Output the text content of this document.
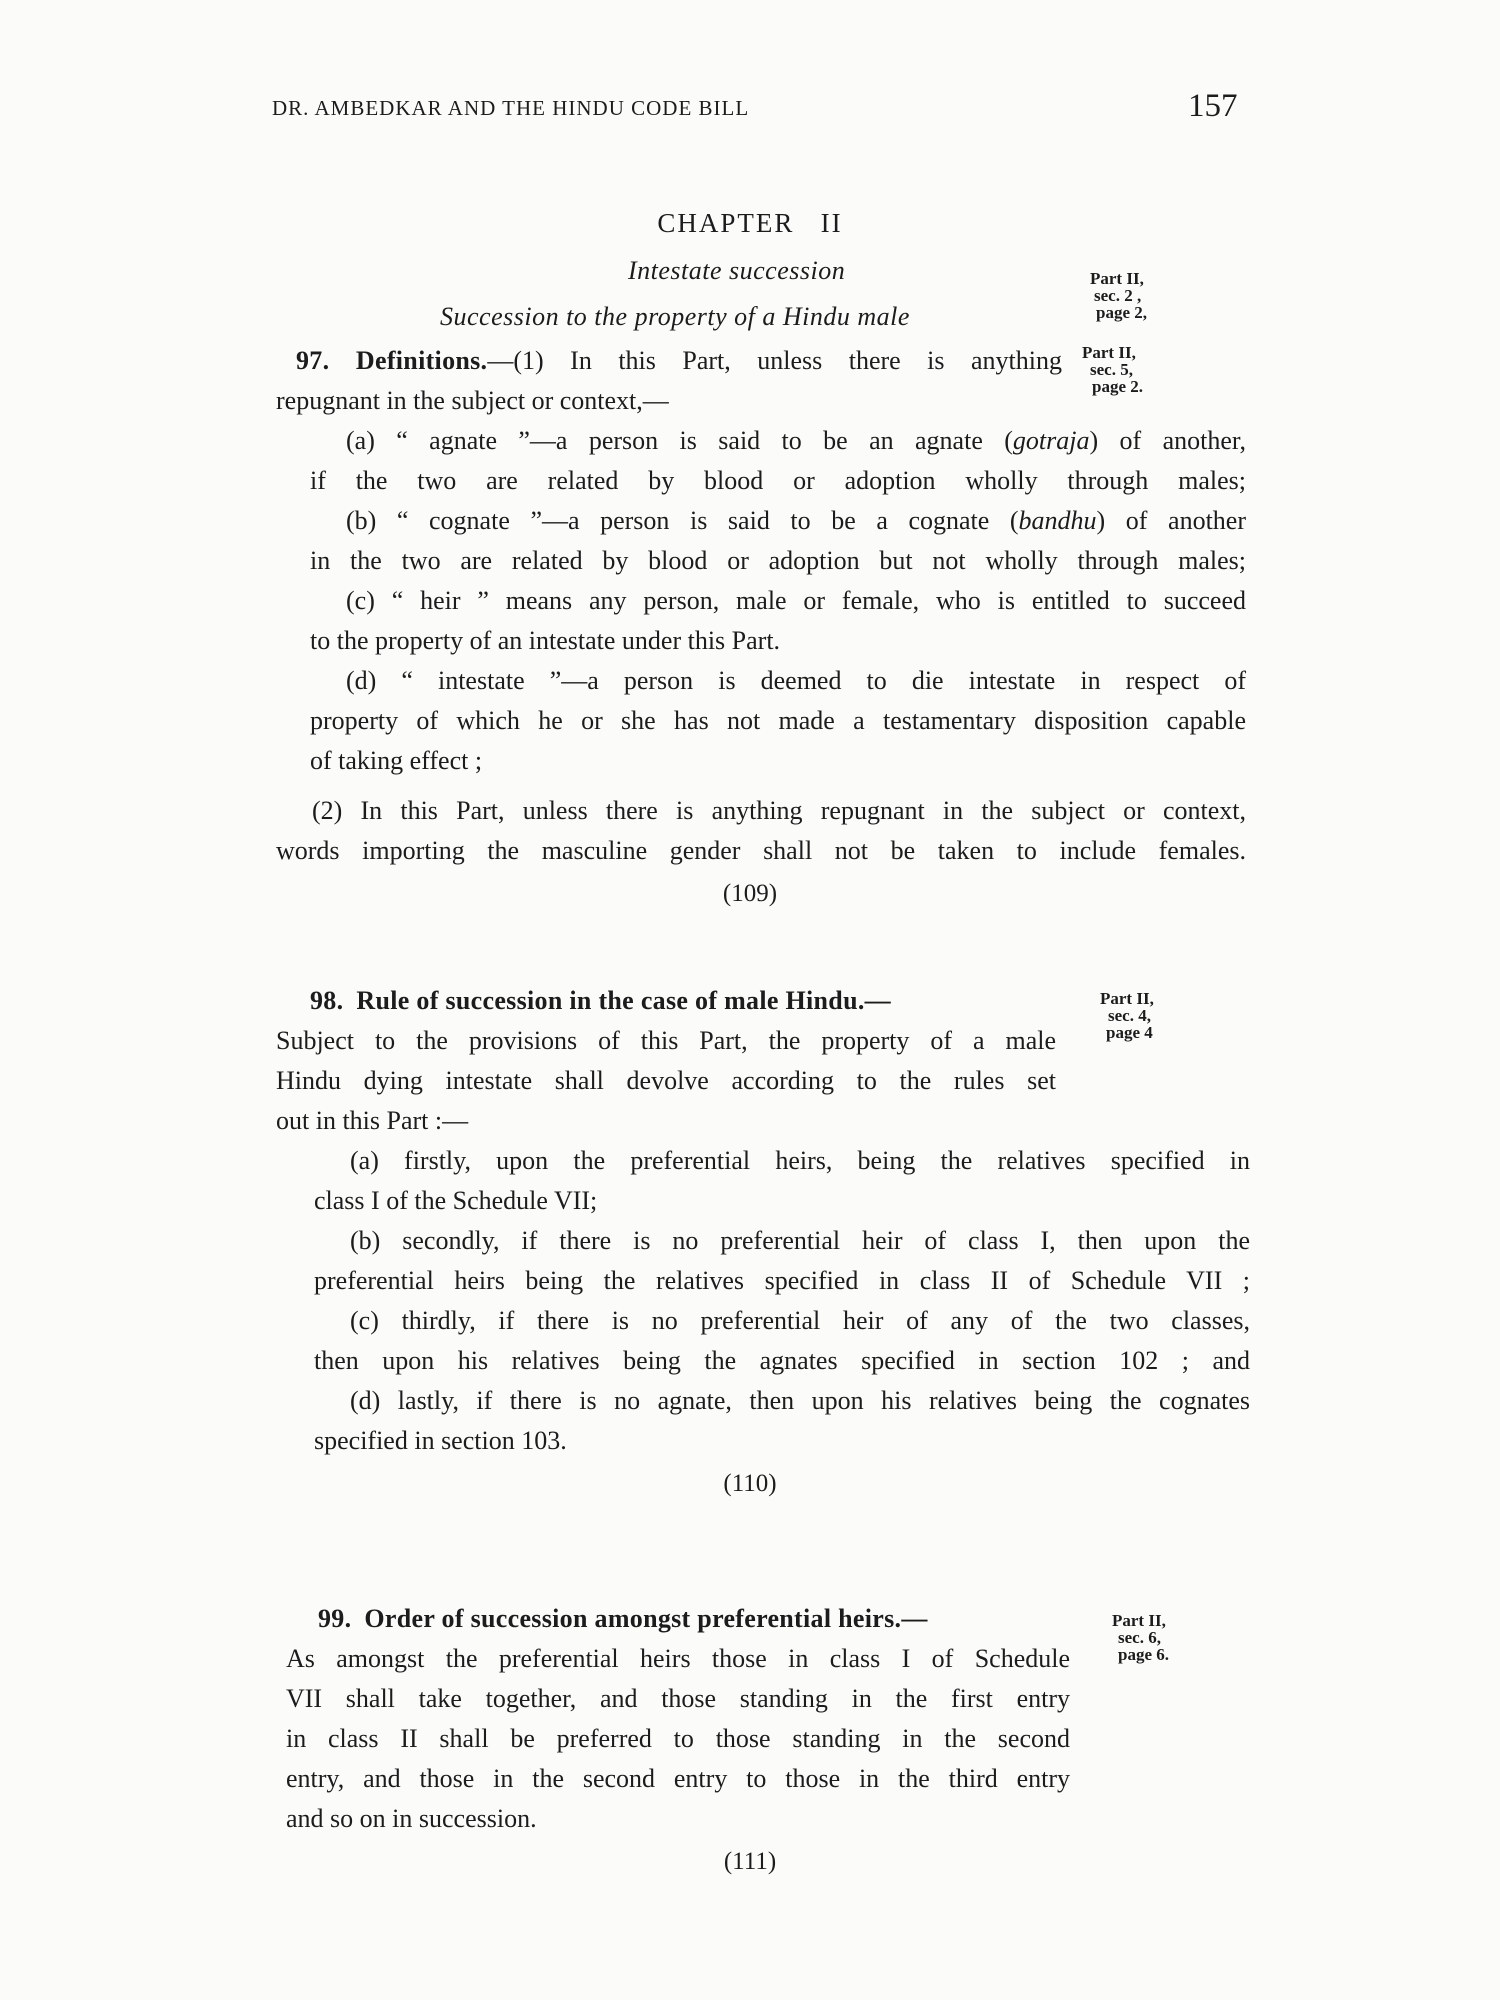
DR. AMBEDKAR AND THE HINDU CODE BILL	157
CHAPTER   II
Intestate succession
Succession to the property of a Hindu male
Part II,
sec. 2 ,
page 2,
Part II,
sec. 5,
page 2.
Part II,
sec. 4,
page 4
Part II,
sec. 6,
page 6.
97. Definitions.—(1) In this Part, unless there is anything
repugnant in the subject or context,—
(a) “ agnate ”—a person is said to be an agnate (gotraja) of another,
if the two are related by blood or adoption wholly through males;
(b) “ cognate ”—a person is said to be a cognate (bandhu) of another
in the two are related by blood or adoption but not wholly through males;
(c) “ heir ” means any person, male or female, who is entitled to succeed
to the property of an intestate under this Part.
(d) “ intestate ”—a person is deemed to die intestate in respect of
property of which he or she has not made a testamentary disposition capable
of taking effect ;
(2) In this Part, unless there is anything repugnant in the subject or context,
words importing the masculine gender shall not be taken to include females.
(109)
98. Rule of succession in the case of male Hindu.—
Subject to the provisions of this Part, the property of a male
Hindu dying intestate shall devolve according to the rules set
out in this Part :—
(a) firstly, upon the preferential heirs, being the relatives specified in
class I of the Schedule VII;
(b) secondly, if there is no preferential heir of class I, then upon the
preferential heirs being the relatives specified in class II of Schedule VII ;
(c) thirdly, if there is no preferential heir of any of the two classes,
then upon his relatives being the agnates specified in section 102 ; and
(d) lastly, if there is no agnate, then upon his relatives being the cognates
specified in section 103.
(110)
99. Order of succession amongst preferential heirs.—
As amongst the preferential heirs those in class I of Schedule
VII shall take together, and those standing in the first entry
in class II shall be preferred to those standing in the second
entry, and those in the second entry to those in the third entry
and so on in succession.
(111)
